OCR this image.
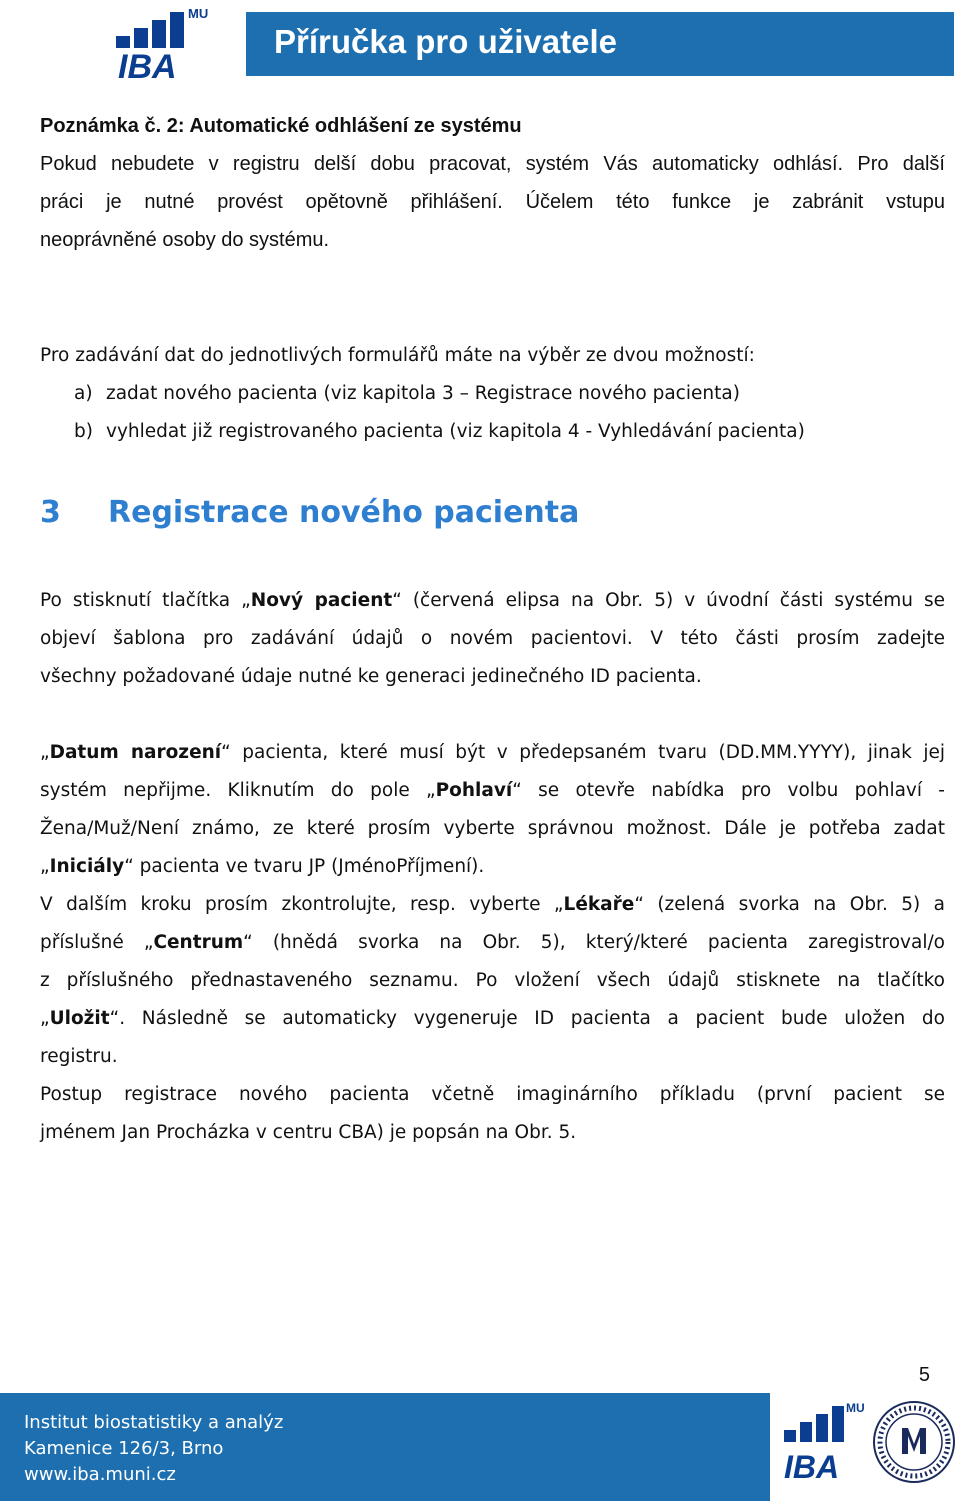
MU
IBA
Příručka pro uživatele
Poznámka č. 2: Automatické odhlášení ze systému
Pokud nebudete v registru delší dobu pracovat, systém Vás automaticky odhlásí. Pro další
práci je nutné provést opětovně přihlášení. Účelem této funkce je zabránit vstupu
neoprávněné osoby do systému.
Pro zadávání dat do jednotlivých formulářů máte na výběr ze dvou možností:
a) zadat nového pacienta (viz kapitola 3 – Registrace nového pacienta)
b) vyhledat již registrovaného pacienta (viz kapitola 4 - Vyhledávání pacienta)
3 Registrace nového pacienta
Po stisknutí tlačítka „Nový pacient“ (červená elipsa na Obr. 5) v úvodní části systému se
objeví šablona pro zadávání údajů o novém pacientovi. V této části prosím zadejte
všechny požadované údaje nutné ke generaci jedinečného ID pacienta.
„Datum narození“ pacienta, které musí být v předepsaném tvaru (DD.MM.YYYY), jinak jej
systém nepřijme. Kliknutím do pole „Pohlaví“ se otevře nabídka pro volbu pohlaví -
Žena/Muž/Není známo, ze které prosím vyberte správnou možnost. Dále je potřeba zadat
„Iniciály“ pacienta ve tvaru JP (JménoPříjmení).
V dalším kroku prosím zkontrolujte, resp. vyberte „Lékaře“ (zelená svorka na Obr. 5) a
příslušné „Centrum“ (hnědá svorka na Obr. 5), který/které pacienta zaregistroval/o
z příslušného přednastaveného seznamu. Po vložení všech údajů stisknete na tlačítko
„Uložit“. Následně se automaticky vygeneruje ID pacienta a pacient bude uložen do
registru.
Postup registrace nového pacienta včetně imaginárního příkladu (první pacient se
jménem Jan Procházka v centru CBA) je popsán na Obr. 5.
5
Institut biostatistiky a analýz
Kamenice 126/3, Brno
www.iba.muni.cz
MU
IBA
